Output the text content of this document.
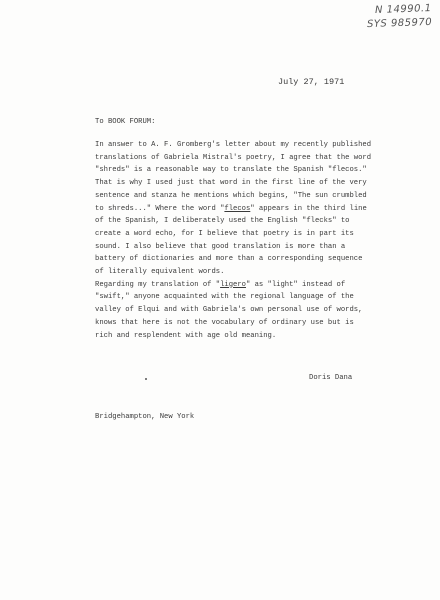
N 14990.1
SYS 985970
July 27, 1971
To BOOK FORUM:

In answer to A. F. Gromberg's letter about my recently published

translations of Gabriela Mistral's poetry, I agree that the word

"shreds" is a reasonable way to translate the Spanish "flecos."

That is why I used just that word in the first line of the very

sentence and stanza he mentions which begins, "The sun crumbled

to shreds..." Where the word "flecos" appears in the third line

of the Spanish, I deliberately used the English "flecks" to

create a word echo, for I believe that poetry is in part its

sound. I also believe that good translation is more than a

battery of dictionaries and more than a corresponding sequence

of literally equivalent words.

Regarding my translation of "ligero" as "light" instead of

"swift," anyone acquainted with the regional language of the

valley of Elqui and with Gabriela's own personal use of words,

knows that here is not the vocabulary of ordinary use but is

rich and resplendent with age old meaning.

Doris Dana
Bridgehampton, New York
